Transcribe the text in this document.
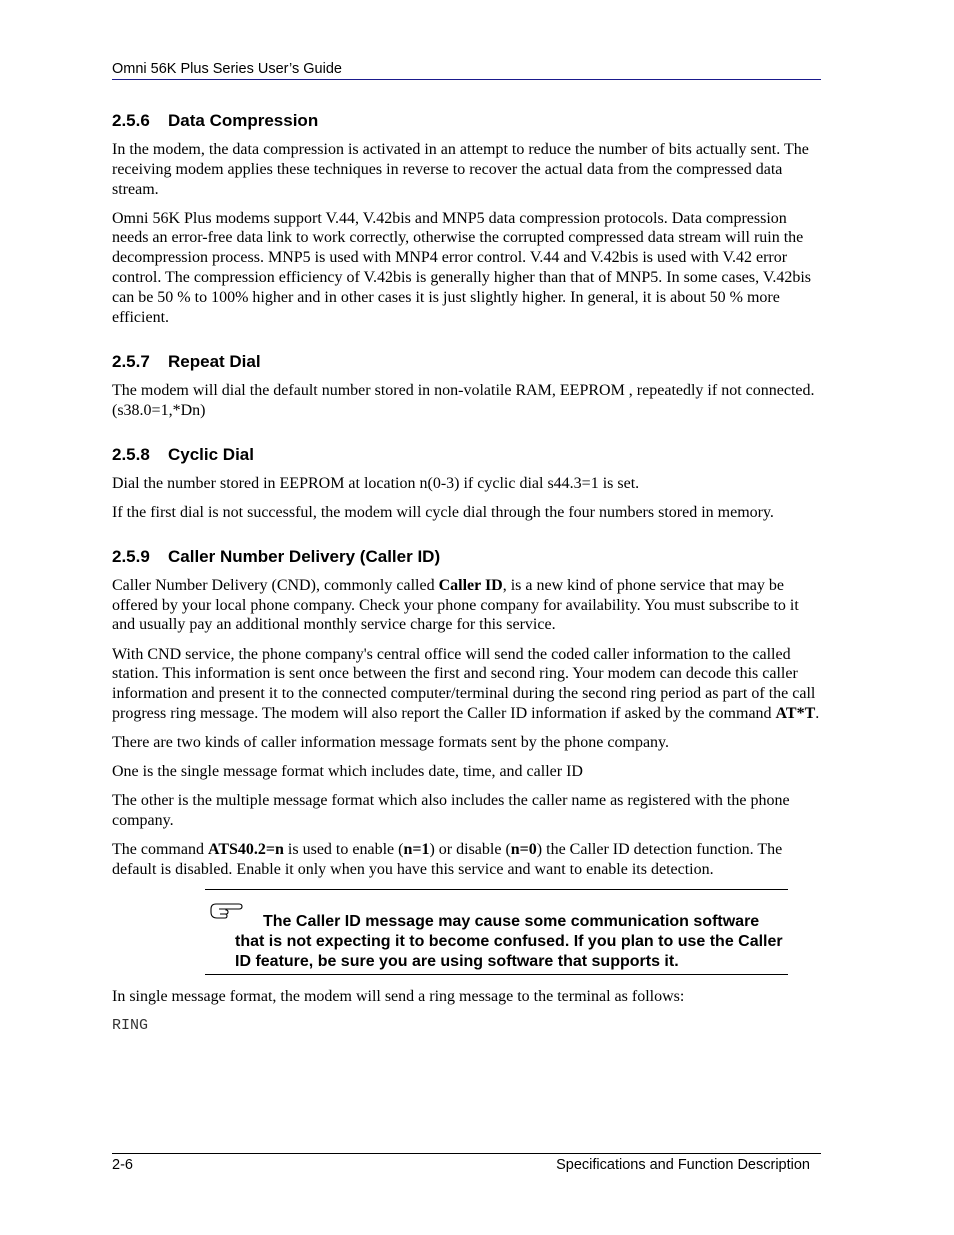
Omni 56K Plus Series User’s Guide
2.5.6 Data Compression

In the modem, the data compression is activated in an attempt to reduce the number of bits actually sent. The receiving modem applies these techniques in reverse to recover the actual data from the compressed data stream.

Omni 56K Plus modems support V.44, V.42bis and MNP5 data compression protocols. Data compression needs an error-free data link to work correctly, otherwise the corrupted compressed data stream will ruin the decompression process. MNP5 is used with MNP4 error control. V.44 and V.42bis is used with V.42 error control. The compression efficiency of V.42bis is generally higher than that of MNP5. In some cases, V.42bis can be 50 % to 100% higher and in other cases it is just slightly higher. In general, it is about 50 % more efficient.

2.5.7 Repeat Dial

The modem will dial the default number stored in non-volatile RAM, EEPROM , repeatedly if not connected.(s38.0=1,*Dn)

2.5.8 Cyclic Dial

Dial the number stored in EEPROM at location n(0-3) if cyclic dial s44.3=1 is set.

If the first dial is not successful, the modem will cycle dial through the four numbers stored in memory.

2.5.9 Caller Number Delivery (Caller ID)

Caller Number Delivery (CND), commonly called Caller ID, is a new kind of phone service that may be offered by your local phone company. Check your phone company for availability. You must subscribe to it and usually pay an additional monthly service charge for this service.

With CND service, the phone company's central office will send the coded caller information to the called station. This information is sent once between the first and second ring. Your modem can decode this caller information and present it to the connected computer/terminal during the second ring period as part of the call progress ring message. The modem will also report the Caller ID information if asked by the command AT*T.

There are two kinds of caller information message formats sent by the phone company.

One is the single message format which includes date, time, and caller ID

The other is the multiple message format which also includes the caller name as registered with the phone company.

The command ATS40.2=n is used to enable (n=1) or disable (n=0) the Caller ID detection function. The default is disabled. Enable it only when you have this service and want to enable its detection.

The Caller ID message may cause some communication software that is not expecting it to become confused. If you plan to use the Caller ID feature, be sure you are using software that supports it.

In single message format, the modem will send a ring message to the terminal as follows:

RING

2-6	Specifications and Function Description
